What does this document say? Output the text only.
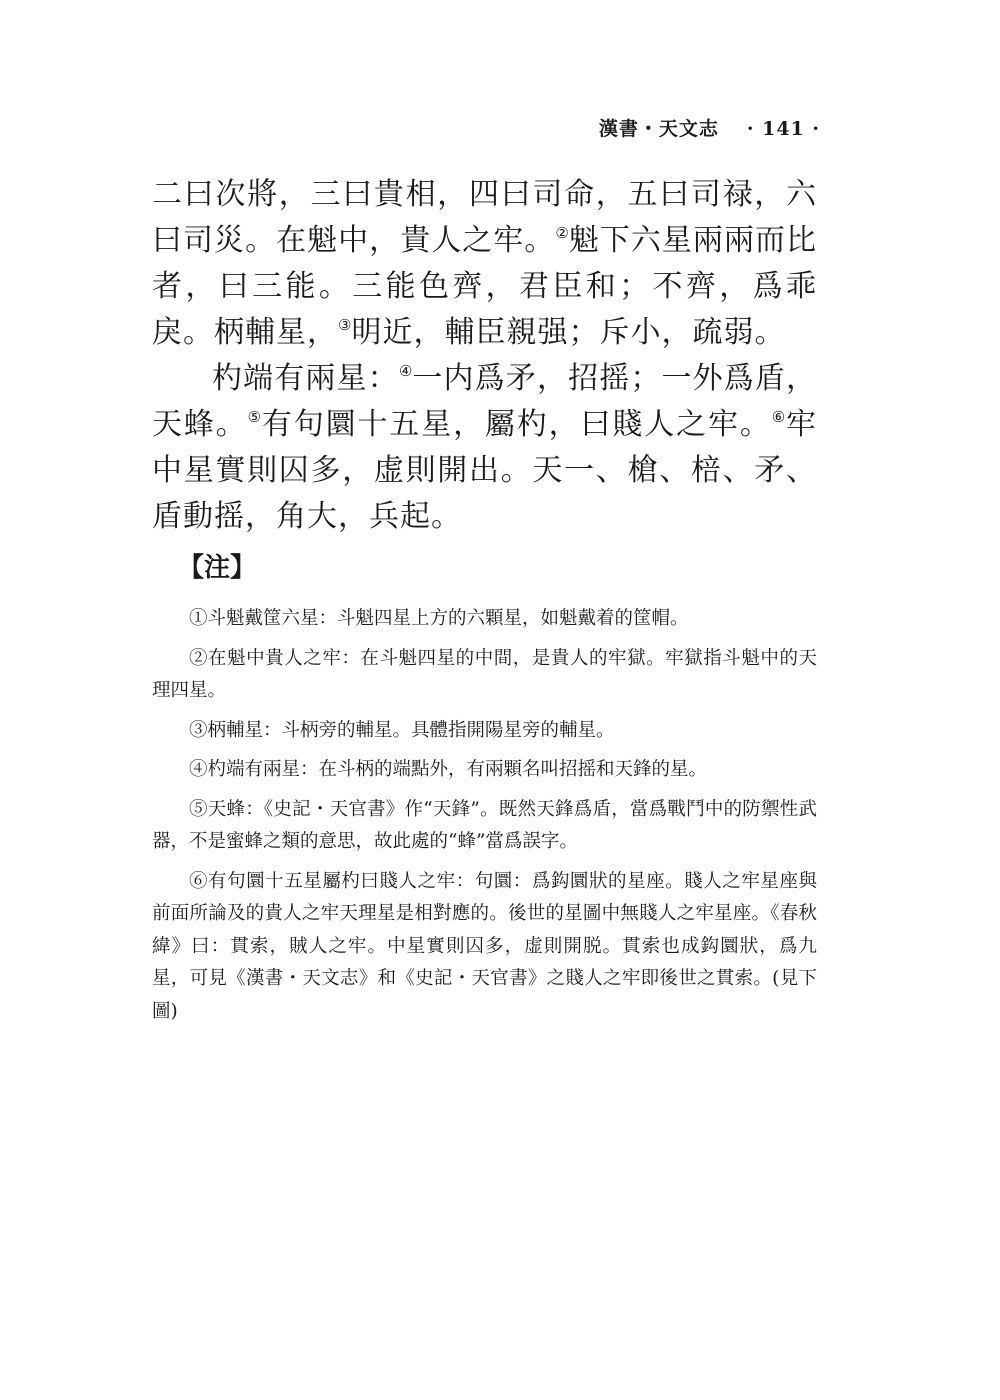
漢書・天文志 · 141 ·

二曰次將，三曰貴相，四曰司命，五曰司禄，六曰司災。在魁中，貴人之牢。②魁下六星兩兩而比者，曰三能。三能色齊，君臣和；不齊，爲乖戾。柄輔星，③明近，輔臣親强；斥小，疏弱。

杓端有兩星：④一内爲矛，招摇；一外爲盾，天蜂。⑤有句圜十五星，屬杓，曰賤人之牢。⑥牢中星實則囚多，虚則開出。天一、槍、棓、矛、盾動摇，角大，兵起。

【注】

①斗魁戴筐六星：斗魁四星上方的六顆星，如魁戴着的筐帽。

②在魁中貴人之牢：在斗魁四星的中間，是貴人的牢獄。牢獄指斗魁中的天理四星。

③柄輔星：斗柄旁的輔星。具體指開陽星旁的輔星。

④杓端有兩星：在斗柄的端點外，有兩顆名叫招摇和天鋒的星。

⑤天蜂：《史記・天官書》作“天鋒”。既然天鋒爲盾，當爲戰鬥中的防禦性武器，不是蜜蜂之類的意思，故此處的“蜂”當爲誤字。

⑥有句圜十五星屬杓曰賤人之牢：句圜：爲鈎圜狀的星座。賤人之牢星座與前面所論及的貴人之牢天理星是相對應的。後世的星圖中無賤人之牢星座。《春秋緯》曰：貫索，賊人之牢。中星實則囚多，虚則開脱。貫索也成鈎圜狀，爲九星，可見《漢書・天文志》和《史記・天官書》之賤人之牢即後世之貫索。(見下圖)
